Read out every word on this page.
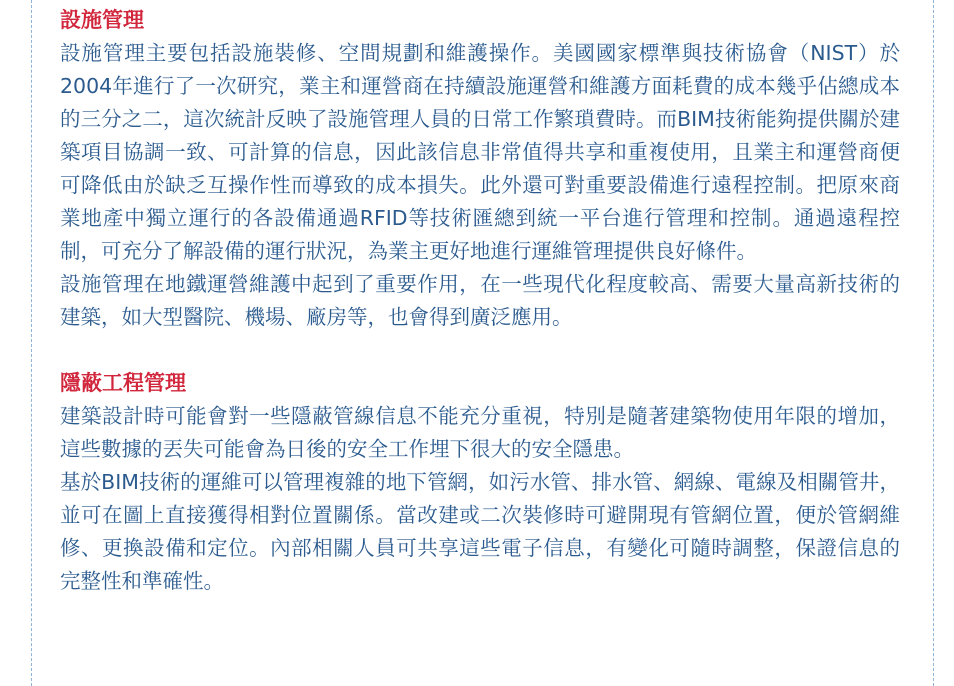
設施管理

設施管理主要包括設施裝修、空間規劃和維護操作。美國國家標準與技術協會（NIST）於2004年進行了一次研究，業主和運營商在持續設施運營和維護方面耗費的成本幾乎佔總成本的三分之二，這次統計反映了設施管理人員的日常工作繁瑣費時。而BIM技術能夠提供關於建築項目協調一致、可計算的信息，因此該信息非常值得共享和重複使用，且業主和運營商便可降低由於缺乏互操作性而導致的成本損失。此外還可對重要設備進行遠程控制。把原來商業地產中獨立運行的各設備通過RFID等技術匯總到統一平台進行管理和控制。通過遠程控制，可充分了解設備的運行狀況，為業主更好地進行運維管理提供良好條件。

設施管理在地鐵運營維護中起到了重要作用，在一些現代化程度較高、需要大量高新技術的建築，如大型醫院、機場、廠房等，也會得到廣泛應用。

隱蔽工程管理

建築設計時可能會對一些隱蔽管線信息不能充分重視，特別是隨著建築物使用年限的增加，這些數據的丟失可能會為日後的安全工作埋下很大的安全隱患。

基於BIM技術的運維可以管理複雜的地下管網，如污水管、排水管、網線、電線及相關管井，並可在圖上直接獲得相對位置關係。當改建或二次裝修時可避開現有管網位置，便於管網維修、更換設備和定位。內部相關人員可共享這些電子信息，有變化可隨時調整，保證信息的完整性和準確性。
